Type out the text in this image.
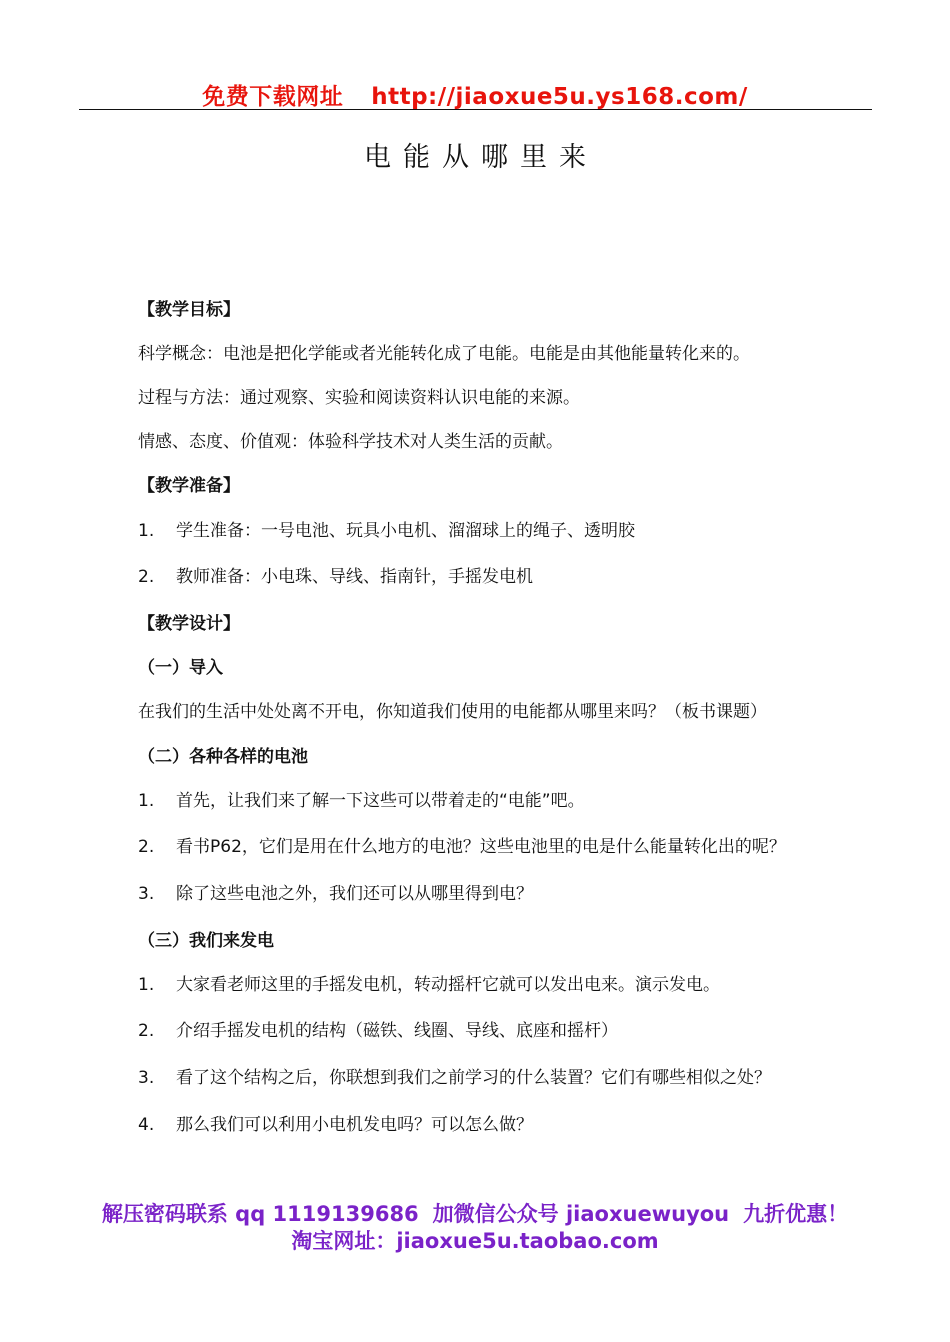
免费下载网址 http://jiaoxue5u.ys168.com/
电能从哪里来
【教学目标】
科学概念：电池是把化学能或者光能转化成了电能。电能是由其他能量转化来的。
过程与方法：通过观察、实验和阅读资料认识电能的来源。
情感、态度、价值观：体验科学技术对人类生活的贡献。
【教学准备】
1. 学生准备：一号电池、玩具小电机、溜溜球上的绳子、透明胶
2. 教师准备：小电珠、导线、指南针，手摇发电机
【教学设计】
（一）导入
在我们的生活中处处离不开电，你知道我们使用的电能都从哪里来吗？（板书课题）
（二）各种各样的电池
1. 首先，让我们来了解一下这些可以带着走的“电能”吧。
2. 看书P62，它们是用在什么地方的电池？这些电池里的电是什么能量转化出的呢？
3. 除了这些电池之外，我们还可以从哪里得到电？
（三）我们来发电
1. 大家看老师这里的手摇发电机，转动摇杆它就可以发出电来。演示发电。
2. 介绍手摇发电机的结构（磁铁、线圈、导线、底座和摇杆）
3. 看了这个结构之后，你联想到我们之前学习的什么装置？它们有哪些相似之处？
4. 那么我们可以利用小电机发电吗？可以怎么做？
解压密码联系 qq 1119139686 加微信公众号 jiaoxuewuyou 九折优惠！
淘宝网址：jiaoxue5u.taobao.com
